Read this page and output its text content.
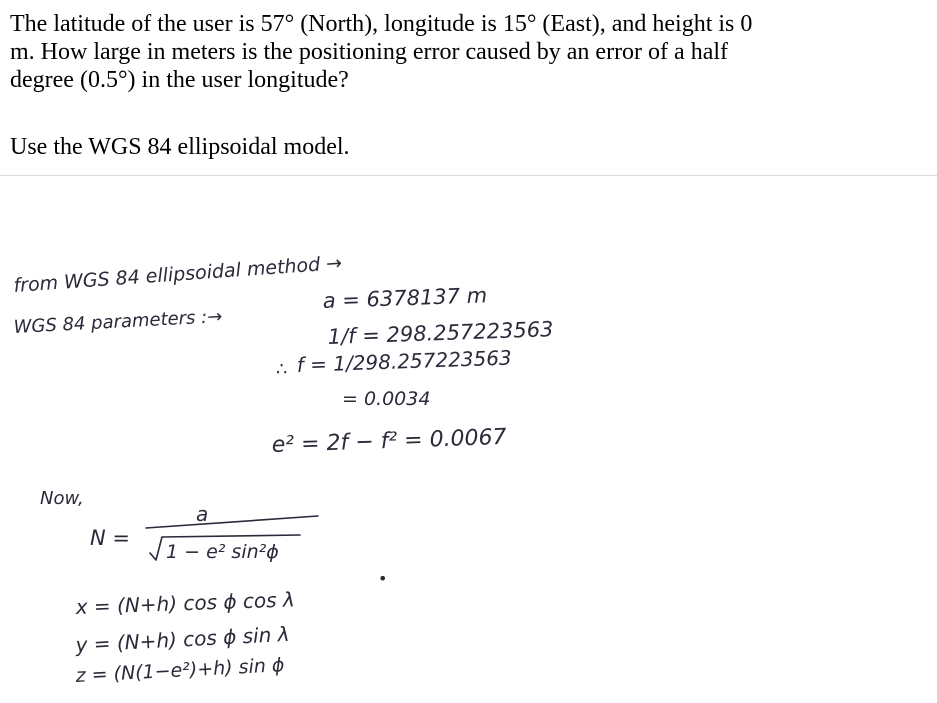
The latitude of the user is 57° (North), longitude is 15° (East), and height is 0
m. How large in meters is the positioning error caused by an error of a half
degree (0.5°) in the user longitude?
Use the WGS 84 ellipsoidal model.
from WGS 84 ellipsoidal method →
WGS 84 parameters :→
a = 6378137 m
1/f = 298.257223563
∴ f = 1/298.257223563
= 0.0034
e² = 2f − f² = 0.0067
Now,
N =
a
1 − e² sin²ϕ
x = (N+h) cos ϕ cos λ
•
y = (N+h) cos ϕ sin λ
z = (N(1−e²)+h) sin ϕ
